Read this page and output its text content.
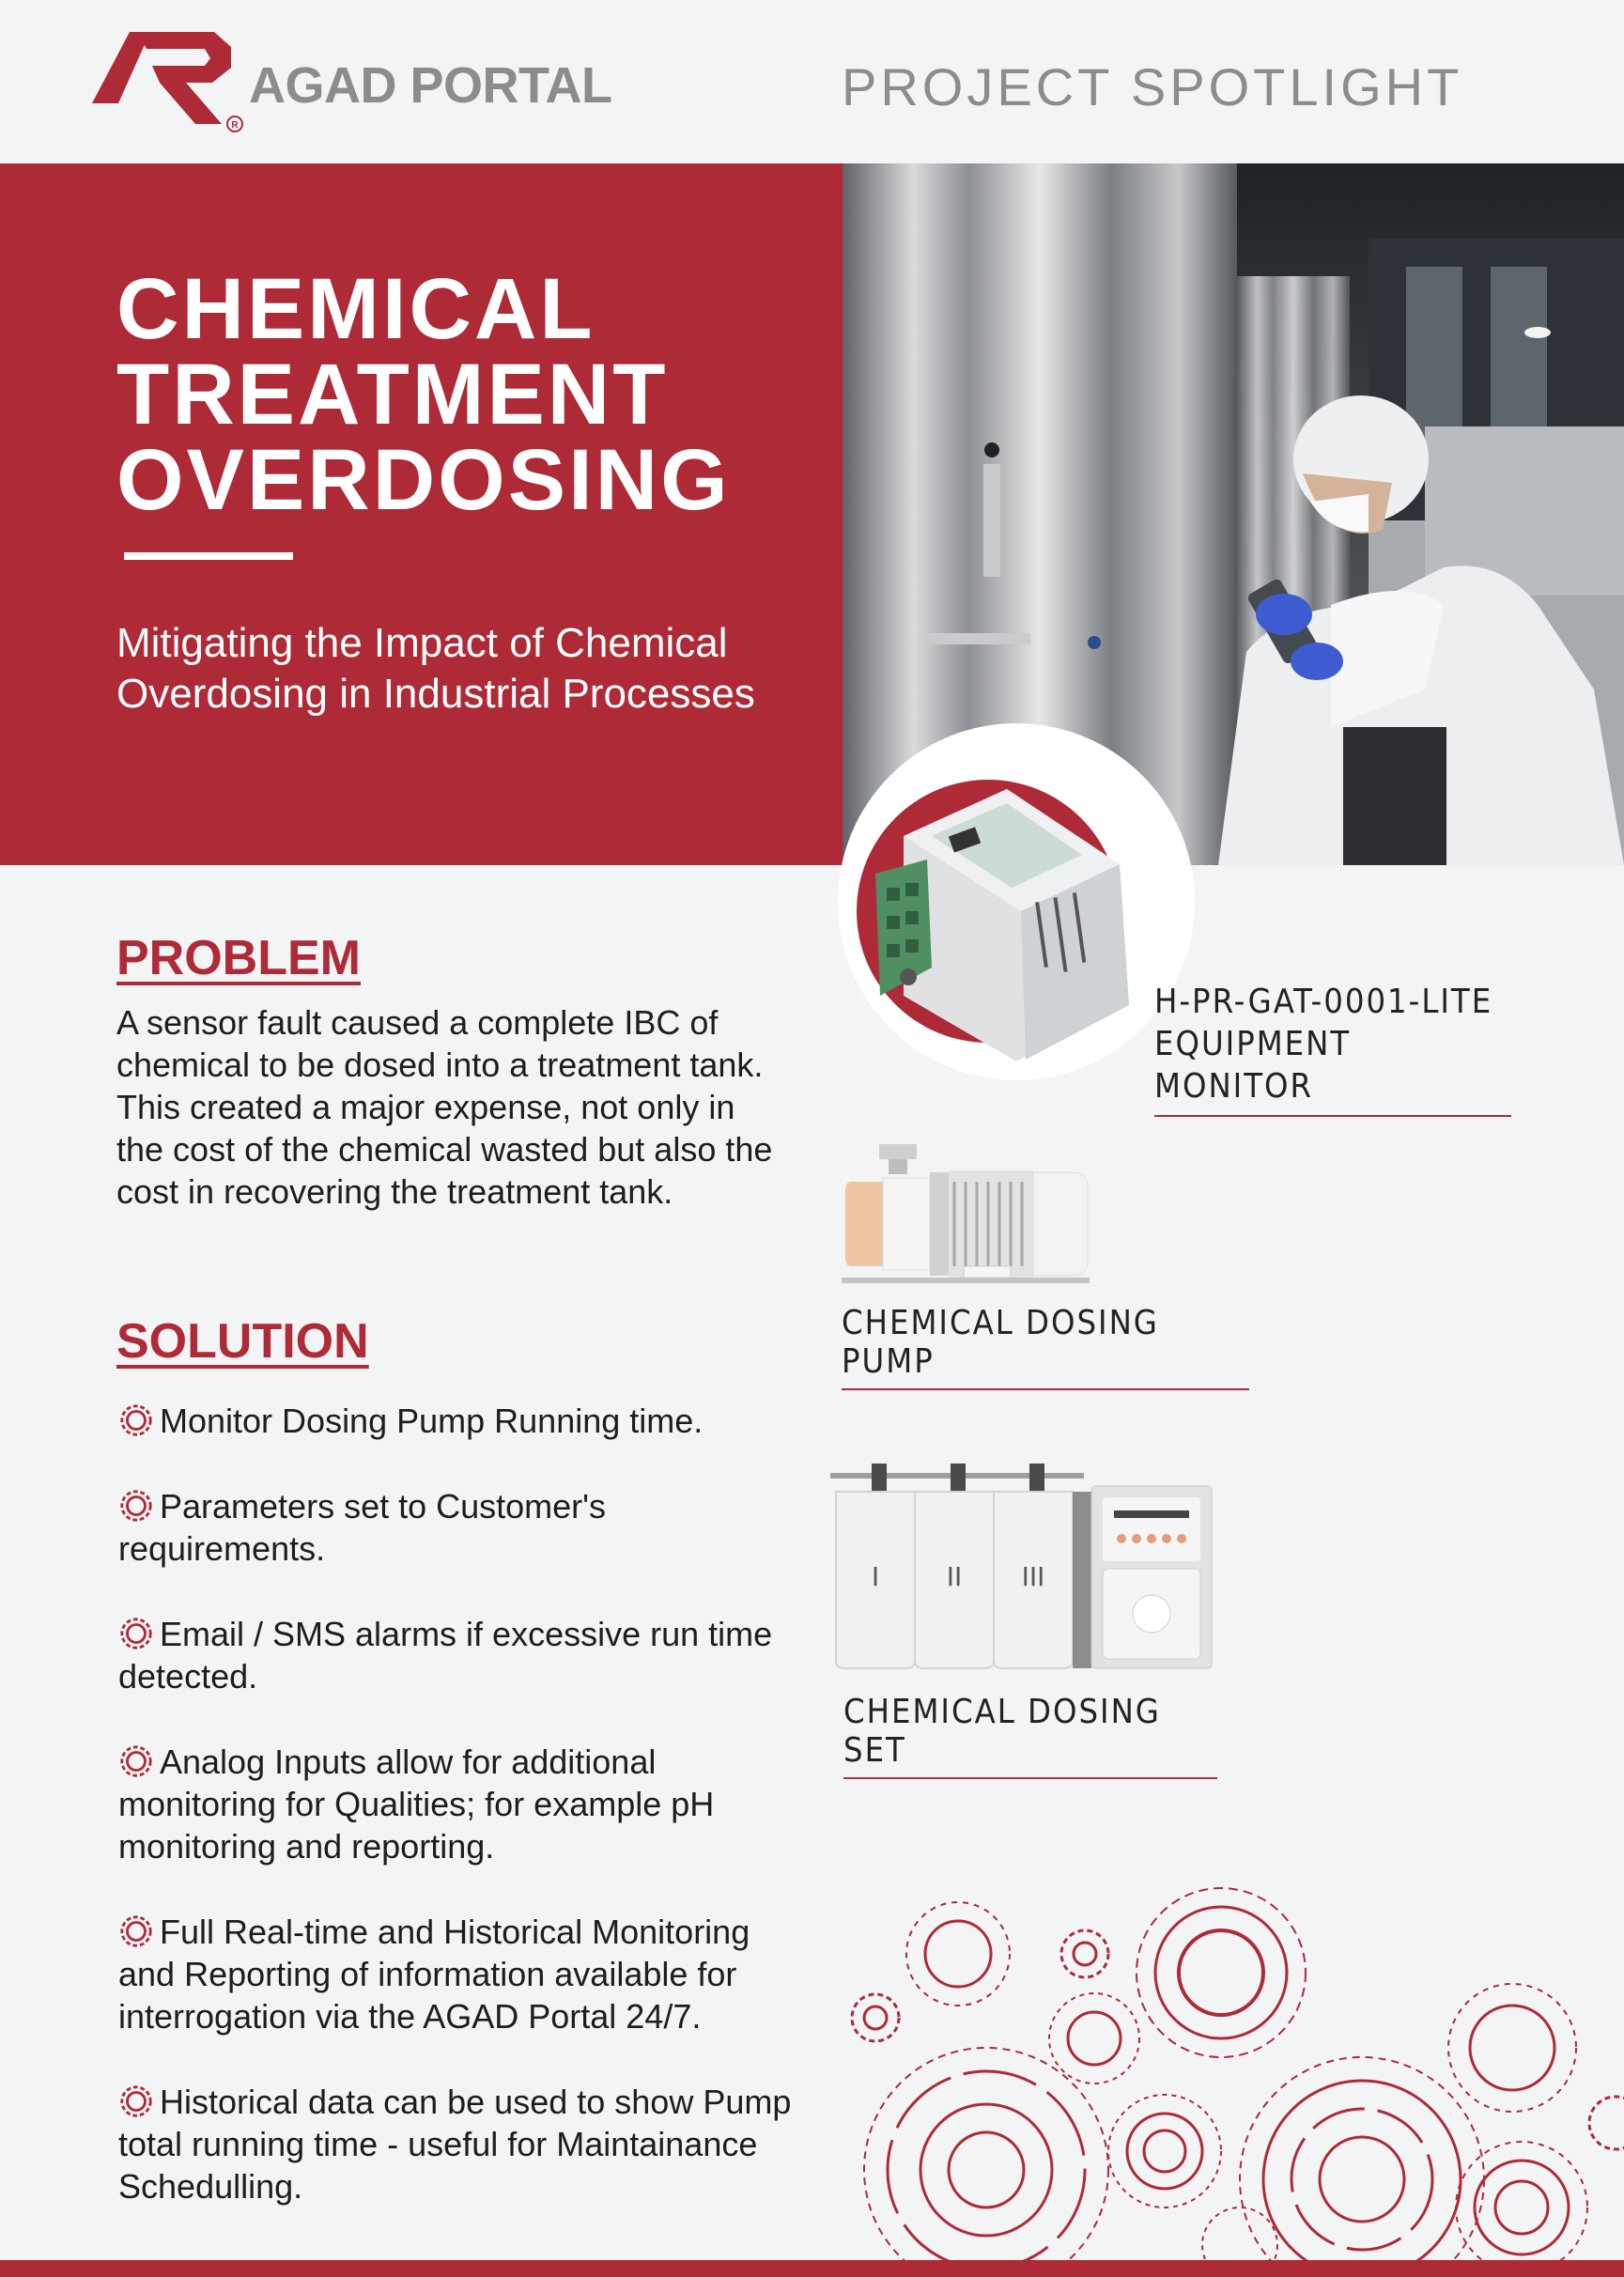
R
AGAD PORTAL	PROJECT SPOTLIGHT
CHEMICAL
TREATMENT
OVERDOSING

Mitigating the Impact of Chemical Overdosing in Industrial Processes

PROBLEM

A sensor fault caused a complete IBC of chemical to be dosed into a treatment tank. This created a major expense, not only in the cost of the chemical wasted but also the cost in recovering the treatment tank.

SOLUTION
Monitor Dosing Pump Running time.
Parameters set to Customer's requirements.
Email / SMS alarms if excessive run time detected.
Analog Inputs allow for additional monitoring for Qualities; for example pH monitoring and reporting.
Full Real-time and Historical Monitoring and Reporting of information available for interrogation via the AGAD Portal 24/7.
Historical data can be used to show Pump total running time - useful for Maintainance Schedulling.
H-PR-GAT-0001-LITE
EQUIPMENT MONITOR
CHEMICAL DOSING PUMP
I	II III
CHEMICAL DOSING SET
